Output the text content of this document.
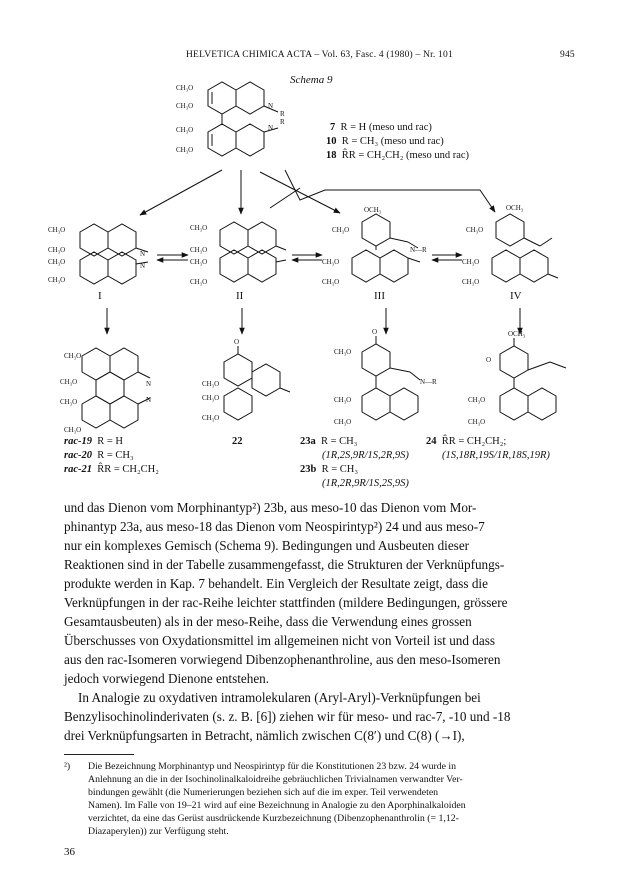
HELVETICA CHIMICA ACTA – Vol. 63, Fasc. 4 (1980) – Nr. 101	945
Schema 9
CH₃O
CH₃O
CH₃O
CH₃O
N
R
N
R
CH₃O
CH₃O
CH₃O
CH₃O
N
N
CH₃O
CH₃O
CH₃O
CH₃O
OCH₃
CH₃O
CH₃O
CH₃O
N—R
OCH₃
CH₃O
CH₃O
CH₃O
CH₃O
CH₃O
CH₃O
CH₃O
N
N
O
CH₃O
CH₃O
CH₃O
O
CH₃O
CH₃O
CH₃O
N—R
OCH₃
O
CH₃O
CH₃O
7 R = H (meso und rac)
10 R = CH₃ (meso und rac)
18 R̂R = CH₂CH₂ (meso und rac)
I	II	III	IV
rac-19 R = H
rac-20 R = CH₃
rac-21 R̂R = CH₂CH₂
22	23a R = CH₃
(1R,2S,9R/1S,2R,9S)
23b R = CH₃
(1R,2R,9R/1S,2S,9S)
24 R̂R = CH₂CH₂;
(1S,18R,19S/1R,18S,19R)
und das Dienon vom Morphinantyp²) 23b, aus meso-10 das Dienon vom Mor-
phinantyp 23a, aus meso-18 das Dienon vom Neospirintyp²) 24 und aus meso-7
nur ein komplexes Gemisch (Schema 9). Bedingungen und Ausbeuten dieser
Reaktionen sind in der Tabelle zusammengefasst, die Strukturen der Verknüpfungs-
produkte werden in Kap. 7 behandelt. Ein Vergleich der Resultate zeigt, dass die
Verknüpfungen in der rac-Reihe leichter stattfinden (mildere Bedingungen, grössere
Gesamtausbeuten) als in der meso-Reihe, dass die Verwendung eines grossen
Überschusses von Oxydationsmittel im allgemeinen nicht von Vorteil ist und dass
aus den rac-Isomeren vorwiegend Dibenzophenanthroline, aus den meso-Isomeren
jedoch vorwiegend Dienone entstehen.
In Analogie zu oxydativen intramolekularen (Aryl-Aryl)-Verknüpfungen bei
Benzylisochinolinderivaten (s. z. B. [6]) ziehen wir für meso- und rac-7, -10 und -18
drei Verknüpfungsarten in Betracht, nämlich zwischen C(8′) und C(8) (→I),
²)	Die Bezeichnung Morphinantyp und Neospirintyp für die Konstitutionen 23 bzw. 24 wurde in
Anlehnung an die in der Isochinolinalkaloidreihe gebräuchlichen Trivialnamen verwandter Ver-
bindungen gewählt (die Numerierungen beziehen sich auf die im exper. Teil verwendeten
Namen). Im Falle von 19–21 wird auf eine Bezeichnung in Analogie zu den Aporphinalkaloiden
verzichtet, da eine das Gerüst ausdrückende Kurzbezeichnung (Dibenzophenanthrolin (= 1,12-
Diazaperylen)) zur Verfügung steht.
36
